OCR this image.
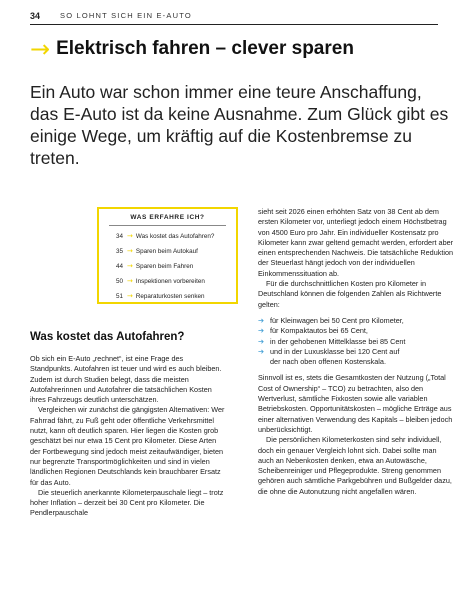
34	SO LOHNT SICH EIN E-AUTO
→ Elektrisch fahren – clever sparen

Ein Auto war schon immer eine teure Anschaffung, das E-Auto ist da keine Ausnahme. Zum Glück gibt es einige Wege, um kräftig auf die Kostenbremse zu treten.

WAS ERFAHRE ICH?
34 → Was kostet das Autofahren?
35 → Sparen beim Autokauf
44 → Sparen beim Fahren
50 → Inspektionen vorbereiten
51 → Reparaturkosten senken
Was kostet das Autofahren?

Ob sich ein E-Auto „rechnet“, ist eine Frage des Standpunkts. Autofahren ist teuer und wird es auch bleiben. Zudem ist durch Studien belegt, dass die meisten Autofahrerinnen und Autofahrer die tatsächlichen Kosten ihres Fahrzeugs deutlich unterschätzen.

Vergleichen wir zunächst die gängigsten Alternativen: Wer Fahrrad fährt, zu Fuß geht oder öffentliche Verkehrsmittel nutzt, kann oft deutlich sparen. Hier liegen die Kosten grob geschätzt bei nur etwa 15 Cent pro Kilometer. Diese Arten der Fortbewegung sind jedoch meist zeitaufwändiger, bieten nur begrenzte Transportmöglichkeiten und sind in vielen ländlichen Regionen Deutschlands kein brauchbarer Ersatz für das Auto.

Die steuerlich anerkannte Kilometerpauschale liegt – trotz hoher Inflation – derzeit bei 30 Cent pro Kilometer. Die Pendlerpauschale

sieht seit 2026 einen erhöhten Satz von 38 Cent ab dem ersten Kilometer vor, unterliegt jedoch einem Höchstbetrag von 4500 Euro pro Jahr. Ein individueller Kostensatz pro Kilometer kann zwar geltend gemacht werden, erfordert aber einen entsprechenden Nachweis. Die tatsächliche Reduktion der Steuerlast hängt jedoch von der individuellen Einkommenssituation ab.

Für die durchschnittlichen Kosten pro Kilometer in Deutschland können die folgenden Zahlen als Richtwerte gelten:

➔ für Kleinwagen bei 50 Cent pro Kilometer,
➔ für Kompaktautos bei 65 Cent,
➔ in der gehobenen Mittelklasse bei 85 Cent
➔ und in der Luxusklasse bei 120 Cent auf
der nach oben offenen Kostenskala.

Sinnvoll ist es, stets die Gesamtkosten der Nutzung („Total Cost of Ownership“ – TCO) zu betrachten, also den Wertverlust, sämtliche Fixkosten sowie alle variablen Betriebskosten. Opportunitätskosten – mögliche Erträge aus einer alternativen Verwendung des Kapitals – bleiben jedoch unberücksichtigt.

Die persönlichen Kilometerkosten sind sehr individuell, doch ein genauer Vergleich lohnt sich. Dabei sollte man auch an Nebenkosten denken, etwa an Autowäsche, Scheibenreiniger und Pflegeprodukte. Streng genommen gehören auch sämtliche Parkgebühren und Bußgelder dazu, die ohne die Autonutzung nicht angefallen wären.
